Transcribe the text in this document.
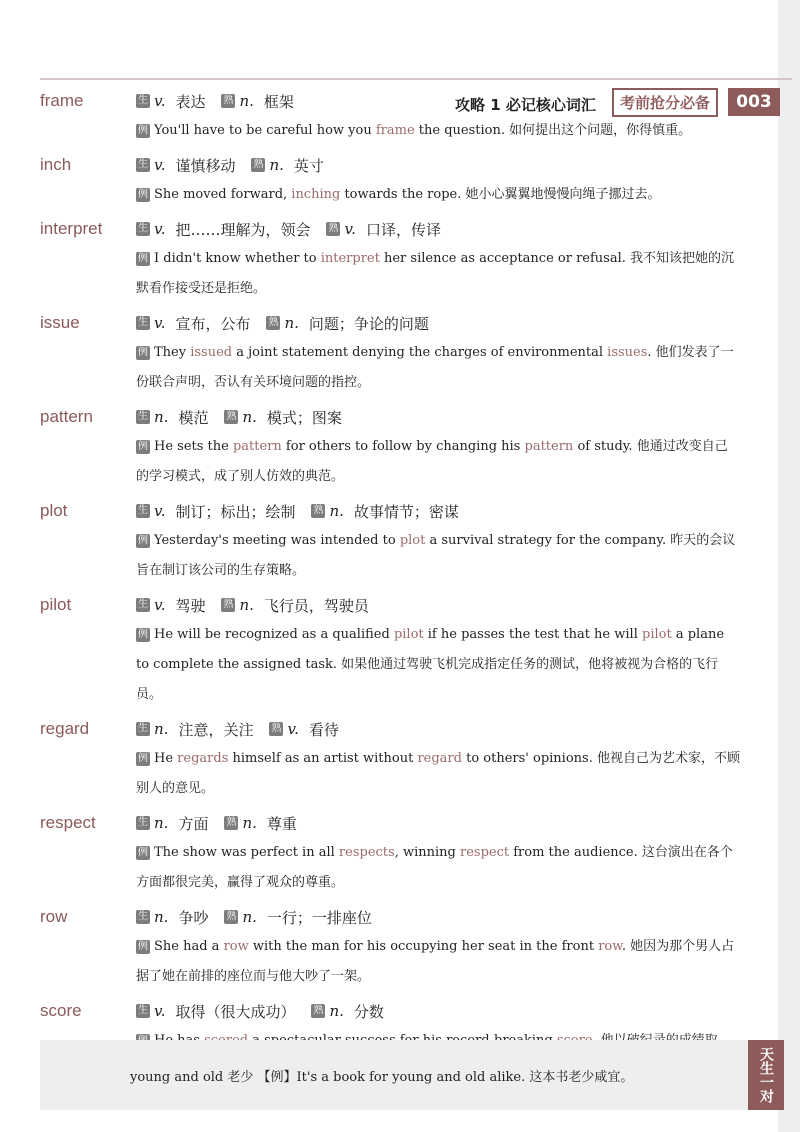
攻略 1 必记核心词汇	考前抢分必备	003
frame	生 v. 表达 熟 n. 框架
例 You'll have to be careful how you frame the question. 如何提出这个问题，你得慎重。
inch	生 v. 谨慎移动 熟 n. 英寸
例 She moved forward, inching towards the rope. 她小心翼翼地慢慢向绳子挪过去。
interpret	生 v. 把……理解为，领会 熟 v. 口译，传译
例 I didn't know whether to interpret her silence as acceptance or refusal. 我不知该把她的沉默看作接受还是拒绝。
issue	生 v. 宣布，公布 熟 n. 问题；争论的问题
例 They issued a joint statement denying the charges of environmental issues. 他们发表了一份联合声明，否认有关环境问题的指控。
pattern	生 n. 模范 熟 n. 模式；图案
例 He sets the pattern for others to follow by changing his pattern of study. 他通过改变自己的学习模式，成了别人仿效的典范。
plot	生 v. 制订；标出；绘制 熟 n. 故事情节；密谋
例 Yesterday's meeting was intended to plot a survival strategy for the company. 昨天的会议旨在制订该公司的生存策略。
pilot	生 v. 驾驶 熟 n. 飞行员，驾驶员
例 He will be recognized as a qualified pilot if he passes the test that he will pilot a plane to complete the assigned task. 如果他通过驾驶飞机完成指定任务的测试，他将被视为合格的飞行员。
regard	生 n. 注意，关注 熟 v. 看待
例 He regards himself as an artist without regard to others' opinions. 他视自己为艺术家，不顾别人的意见。
respect	生 n. 方面 熟 n. 尊重
例 The show was perfect in all respects, winning respect from the audience. 这台演出在各个方面都很完美，赢得了观众的尊重。
row	生 n. 争吵 熟 n. 一行；一排座位
例 She had a row with the man for his occupying her seat in the front row. 她因为那个男人占据了她在前排的座位而与他大吵了一架。
score	生 v. 取得（很大成功） 熟 n. 分数
young and old 老少 【例】It's a book for young and old alike. 这本书老少咸宜。	天生一对
